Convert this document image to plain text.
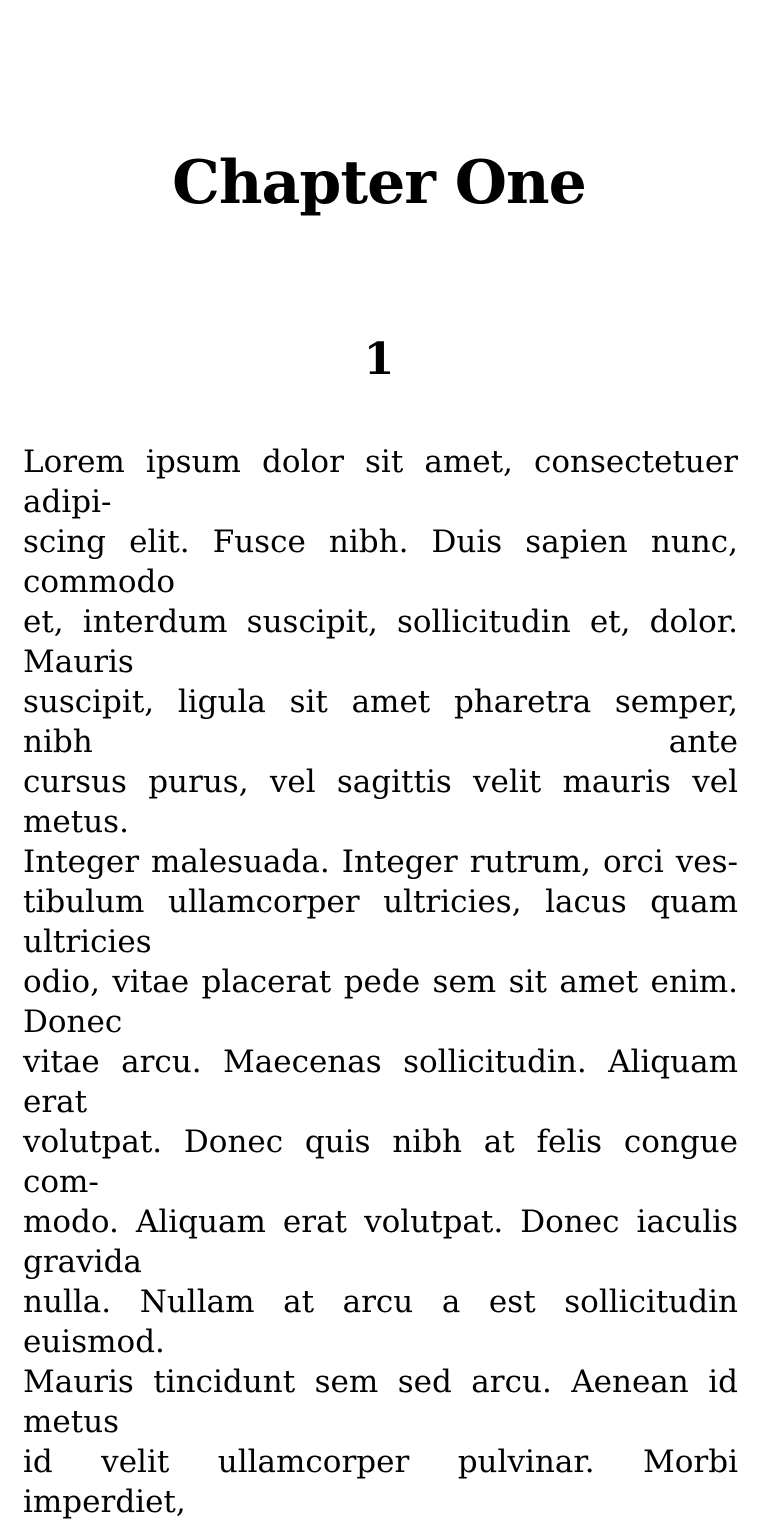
Chapter One
1
Lorem ipsum dolor sit amet, consectetuer adipi-
scing elit. Fusce nibh. Duis sapien nunc, commodo
et, interdum suscipit, sollicitudin et, dolor. Mauris
suscipit, ligula sit amet pharetra semper, nibh ante
cursus purus, vel sagittis velit mauris vel metus.
Integer malesuada. Integer rutrum, orci ves-
tibulum ullamcorper ultricies, lacus quam ultricies
odio, vitae placerat pede sem sit amet enim. Donec
vitae arcu. Maecenas sollicitudin. Aliquam erat
volutpat. Donec quis nibh at felis congue com-
modo. Aliquam erat volutpat. Donec iaculis gravida
nulla. Nullam at arcu a est sollicitudin euismod.
Mauris tincidunt sem sed arcu. Aenean id metus
id velit ullamcorper pulvinar. Morbi imperdiet,
